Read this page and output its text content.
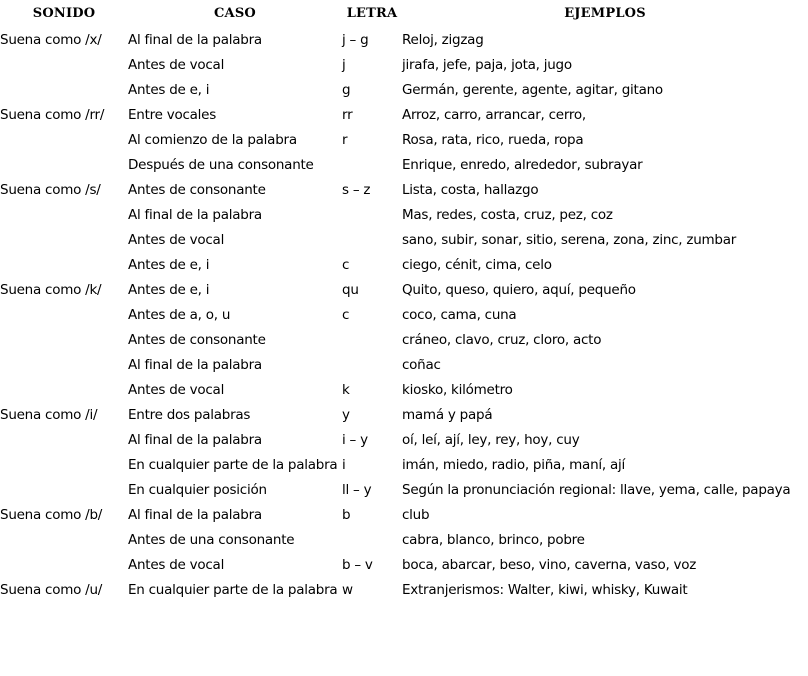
SONIDO	CASO	LETRA	EJEMPLOS
Suena como /x/	Al final de la palabra	j – g	Reloj, zigzag
	Antes de vocal	j	jirafa, jefe, paja, jota, jugo
	Antes de e, i	g	Germán, gerente, agente, agitar, gitano
Suena como /rr/	Entre vocales	rr	Arroz, carro, arrancar, cerro,
	Al comienzo de la palabra	r	Rosa, rata, rico, rueda, ropa
	Después de una consonante		Enrique, enredo, alrededor, subrayar
Suena como /s/	Antes de consonante	s – z	Lista, costa, hallazgo
	Al final de la palabra		Mas, redes, costa, cruz, pez, coz
	Antes de vocal		sano, subir, sonar, sitio, serena, zona, zinc, zumbar
	Antes de e, i	c	ciego, cénit, cima, celo
Suena como /k/	Antes de e, i	qu	Quito, queso, quiero, aquí, pequeño
	Antes de a, o, u	c	coco, cama, cuna
	Antes de consonante		cráneo, clavo, cruz, cloro, acto
	Al final de la palabra		coñac
	Antes de vocal	k	kiosko, kilómetro
Suena como /i/	Entre dos palabras	y	mamá y papá
	Al final de la palabra	i – y	oí, leí, ají, ley, rey, hoy, cuy
	En cualquier parte de la palabra	i	imán, miedo, radio, piña, maní, ají
	En cualquier posición	ll – y	Según la pronunciación regional: llave, yema, calle, papaya
Suena como /b/	Al final de la palabra	b	club
	Antes de una consonante		cabra, blanco, brinco, pobre
	Antes de vocal	b – v	boca, abarcar, beso, vino, caverna, vaso, voz
Suena como /u/	En cualquier parte de la palabra	w	Extranjerismos: Walter, kiwi, whisky, Kuwait
